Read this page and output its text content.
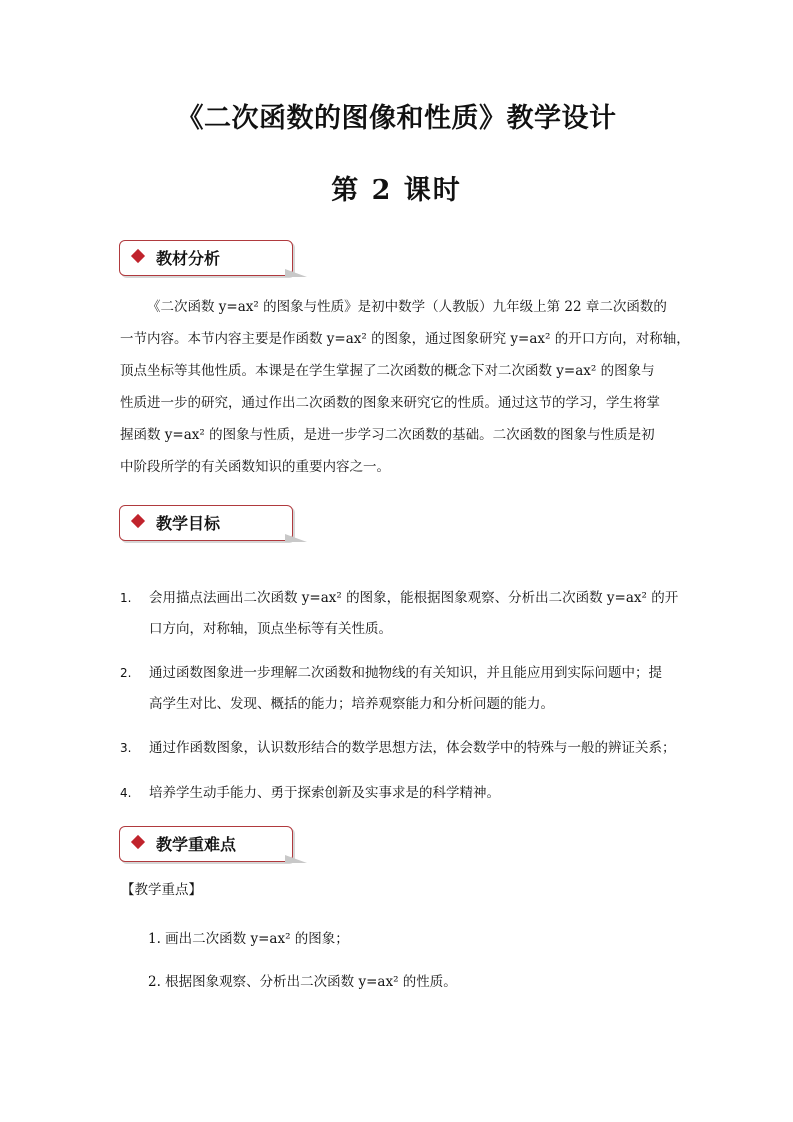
《二次函数的图像和性质》教学设计
第 2 课时
教材分析
《二次函数 y=ax² 的图象与性质》是初中数学（人教版）九年级上第 22 章二次函数的
一节内容。本节内容主要是作函数 y=ax² 的图象，通过图象研究 y=ax² 的开口方向，对称轴，
顶点坐标等其他性质。本课是在学生掌握了二次函数的概念下对二次函数 y=ax² 的图象与
性质进一步的研究，通过作出二次函数的图象来研究它的性质。通过这节的学习，学生将掌
握函数 y=ax² 的图象与性质，是进一步学习二次函数的基础。二次函数的图象与性质是初
中阶段所学的有关函数知识的重要内容之一。
教学目标
1. 会用描点法画出二次函数 y=ax² 的图象，能根据图象观察、分析出二次函数 y=ax² 的开
口方向，对称轴，顶点坐标等有关性质。
2. 通过函数图象进一步理解二次函数和抛物线的有关知识，并且能应用到实际问题中；提
高学生对比、发现、概括的能力；培养观察能力和分析问题的能力。
3. 通过作函数图象，认识数形结合的数学思想方法，体会数学中的特殊与一般的辨证关系；
4. 培养学生动手能力、勇于探索创新及实事求是的科学精神。
教学重难点
【教学重点】
1. 画出二次函数 y=ax² 的图象；
2. 根据图象观察、分析出二次函数 y=ax² 的性质。
